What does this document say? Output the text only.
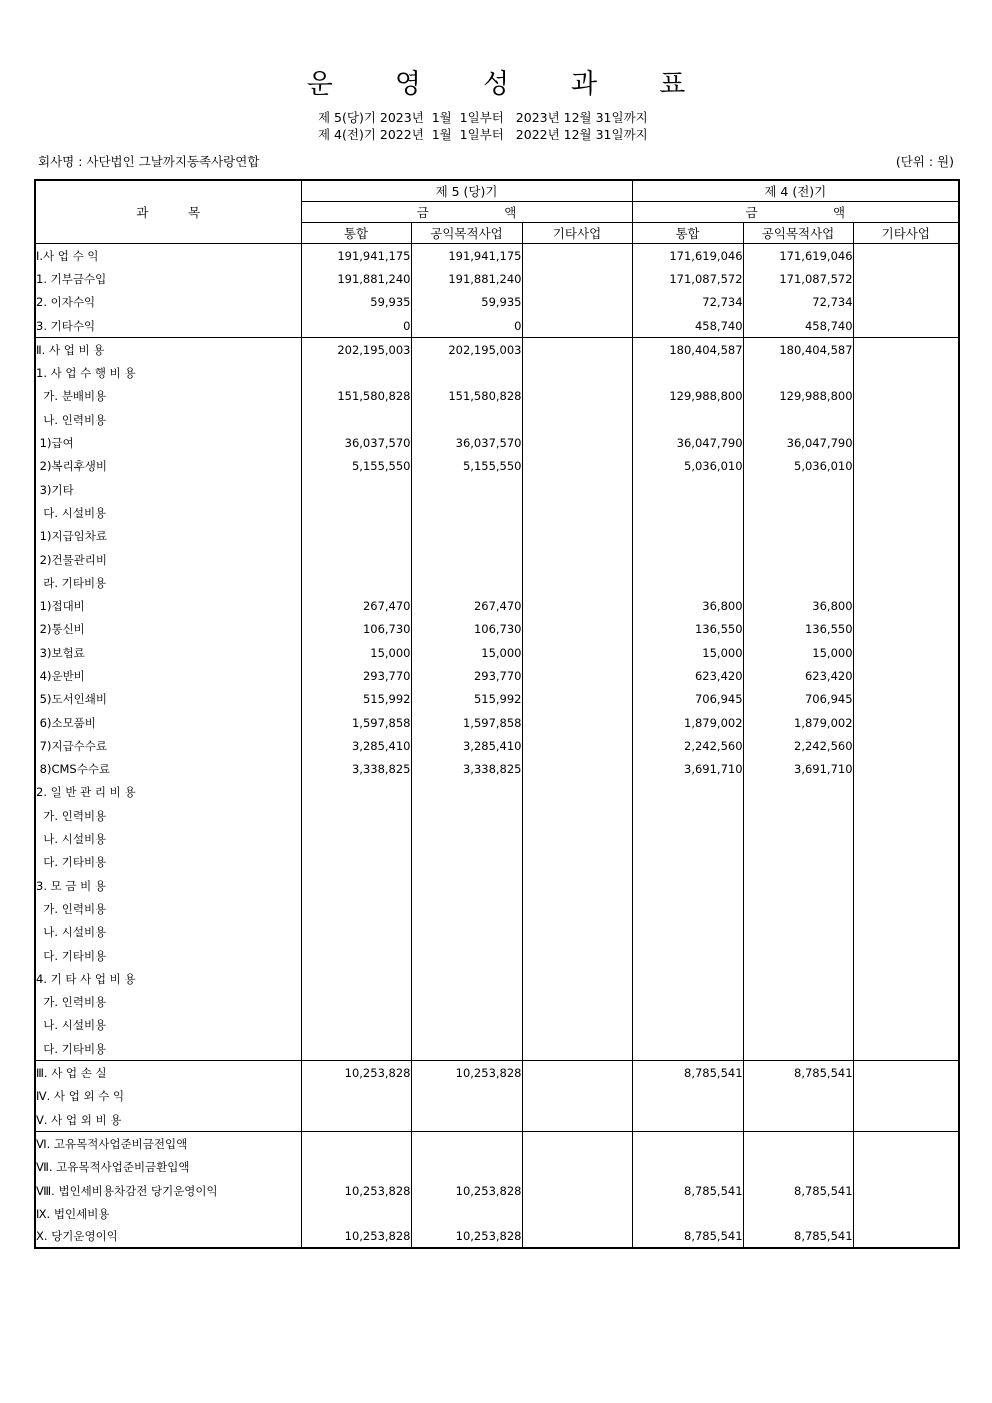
운 영 성 과 표
제 5(당)기 2023년  1월  1일부터   2023년 12월 31일까지
제 4(전)기 2022년  1월  1일부터   2022년 12월 31일까지
회사명 : 사단법인 그날까지동족사랑연합	(단위 : 원)
과          목	제 5 (당)기			제 4 (전)기		
	금                   액			금                   액		
	통합	공익목적사업	기타사업	통합	공익목적사업	기타사업
Ⅰ.사 업 수 익	191,941,175	191,941,175		171,619,046	171,619,046	
1. 기부금수입	191,881,240	191,881,240		171,087,572	171,087,572	
2. 이자수익	59,935	59,935		72,734	72,734	
3. 기타수익	0	0		458,740	458,740	
Ⅱ. 사 업 비 용	202,195,003	202,195,003		180,404,587	180,404,587	
1. 사 업 수 행 비 용						
가. 분배비용	151,580,828	151,580,828		129,988,800	129,988,800	
나. 인력비용						
1)급여	36,037,570	36,037,570		36,047,790	36,047,790	
2)복리후생비	5,155,550	5,155,550		5,036,010	5,036,010	
3)기타						
다. 시설비용						
1)지급임차료						
2)건물관리비						
라. 기타비용						
1)접대비	267,470	267,470		36,800	36,800	
2)통신비	106,730	106,730		136,550	136,550	
3)보험료	15,000	15,000		15,000	15,000	
4)운반비	293,770	293,770		623,420	623,420	
5)도서인쇄비	515,992	515,992		706,945	706,945	
6)소모품비	1,597,858	1,597,858		1,879,002	1,879,002	
7)지급수수료	3,285,410	3,285,410		2,242,560	2,242,560	
8)CMS수수료	3,338,825	3,338,825		3,691,710	3,691,710	
2. 일 반 관 리 비 용						
가. 인력비용						
나. 시설비용						
다. 기타비용						
3. 모 금 비 용						
가. 인력비용						
나. 시설비용						
다. 기타비용						
4. 기 타 사 업 비 용						
가. 인력비용						
나. 시설비용						
다. 기타비용						
Ⅲ. 사 업 손 실	10,253,828	10,253,828		8,785,541	8,785,541	
Ⅳ. 사 업 외 수 익						
Ⅴ. 사 업 외 비 용						
Ⅵ. 고유목적사업준비금전입액						
Ⅶ. 고유목적사업준비금환입액						
Ⅷ. 법인세비용차감전 당기운영이익	10,253,828	10,253,828		8,785,541	8,785,541	
Ⅸ. 법인세비용						
Ⅹ. 당기운영이익	10,253,828	10,253,828		8,785,541	8,785,541	
